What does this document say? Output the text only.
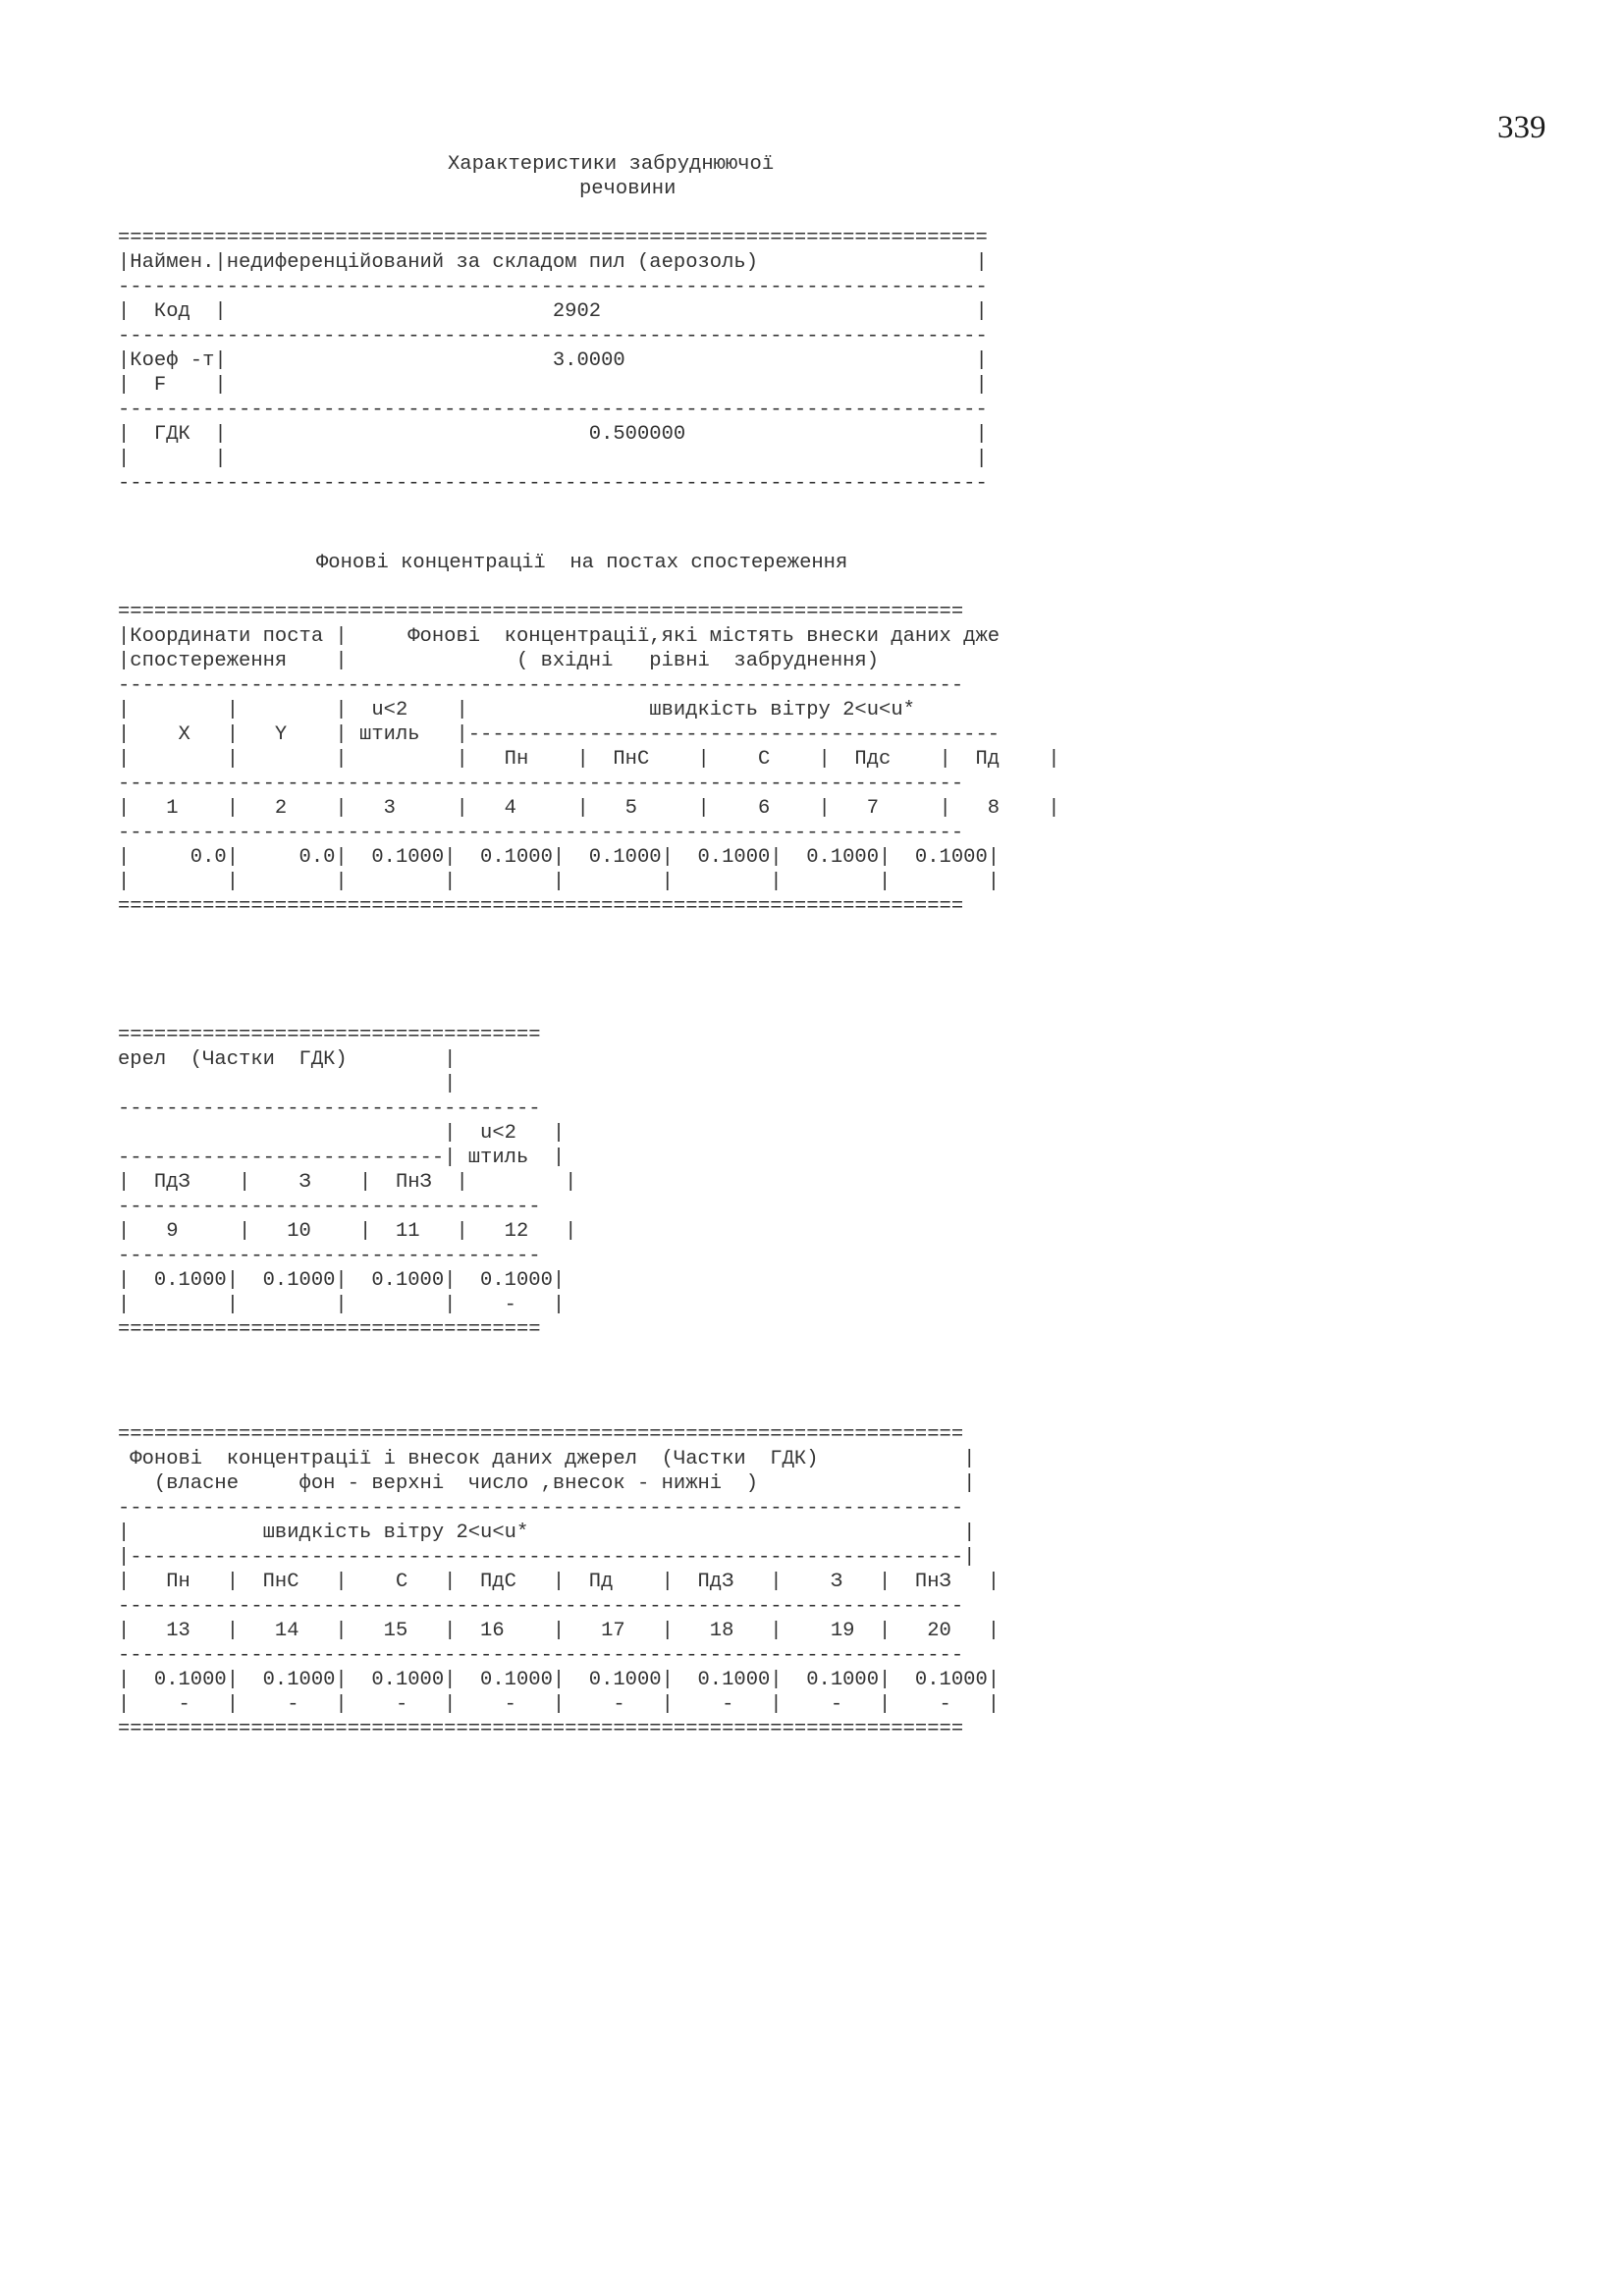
339
Характеристики забруднюючої
речовини
========================================================================
|Наймен.|недиференційований за складом пил (аерозоль)                  |
------------------------------------------------------------------------
|  Код  |                           2902                               |
------------------------------------------------------------------------
|Коеф -т|                           3.0000                             |
|  F    |                                                              |
------------------------------------------------------------------------
|  ГДК  |                              0.500000                        |
|       |                                                              |
------------------------------------------------------------------------
Фонові концентрації  на постах спостереження
======================================================================
|Координати поста |     Фонові  концентрації,які містять внески даних дже
|спостереження    |              ( вхідні   рівні  забруднення)
----------------------------------------------------------------------
|        |        |  u<2    |               швидкість вітру 2<u<u*
|    X   |   Y    | штиль   |--------------------------------------------
|        |        |         |   Пн    |  ПнС    |    С    |  Пдс    |  Пд    |
----------------------------------------------------------------------
|   1    |   2    |   3     |   4     |   5     |    6    |   7     |   8    |
----------------------------------------------------------------------
|     0.0|     0.0|  0.1000|  0.1000|  0.1000|  0.1000|  0.1000|  0.1000|
|        |        |        |        |        |        |        |        |
======================================================================
===================================
ерел  (Частки  ГДК)        |
|
-----------------------------------
|  u<2   |
---------------------------| штиль  |
|  ПдЗ    |    З    |  ПнЗ  |        |
-----------------------------------
|   9     |   10    |  11   |   12   |
-----------------------------------
|  0.1000|  0.1000|  0.1000|  0.1000|
|        |        |        |    -   |
===================================
======================================================================
Фонові  концентрації і внесок даних джерел  (Частки  ГДК)            |
(власне     фон - верхні  число ,внесок - нижні  )                 |
----------------------------------------------------------------------
|           швидкість вітру 2<u<u*                                    |
|---------------------------------------------------------------------|
|   Пн   |  ПнС   |    С   |  ПдС   |  Пд    |  ПдЗ   |    З   |  ПнЗ   |
----------------------------------------------------------------------
|   13   |   14   |   15   |  16    |   17   |   18   |    19  |   20   |
----------------------------------------------------------------------
|  0.1000|  0.1000|  0.1000|  0.1000|  0.1000|  0.1000|  0.1000|  0.1000|
|    -   |    -   |    -   |    -   |    -   |    -   |    -   |    -   |
======================================================================
